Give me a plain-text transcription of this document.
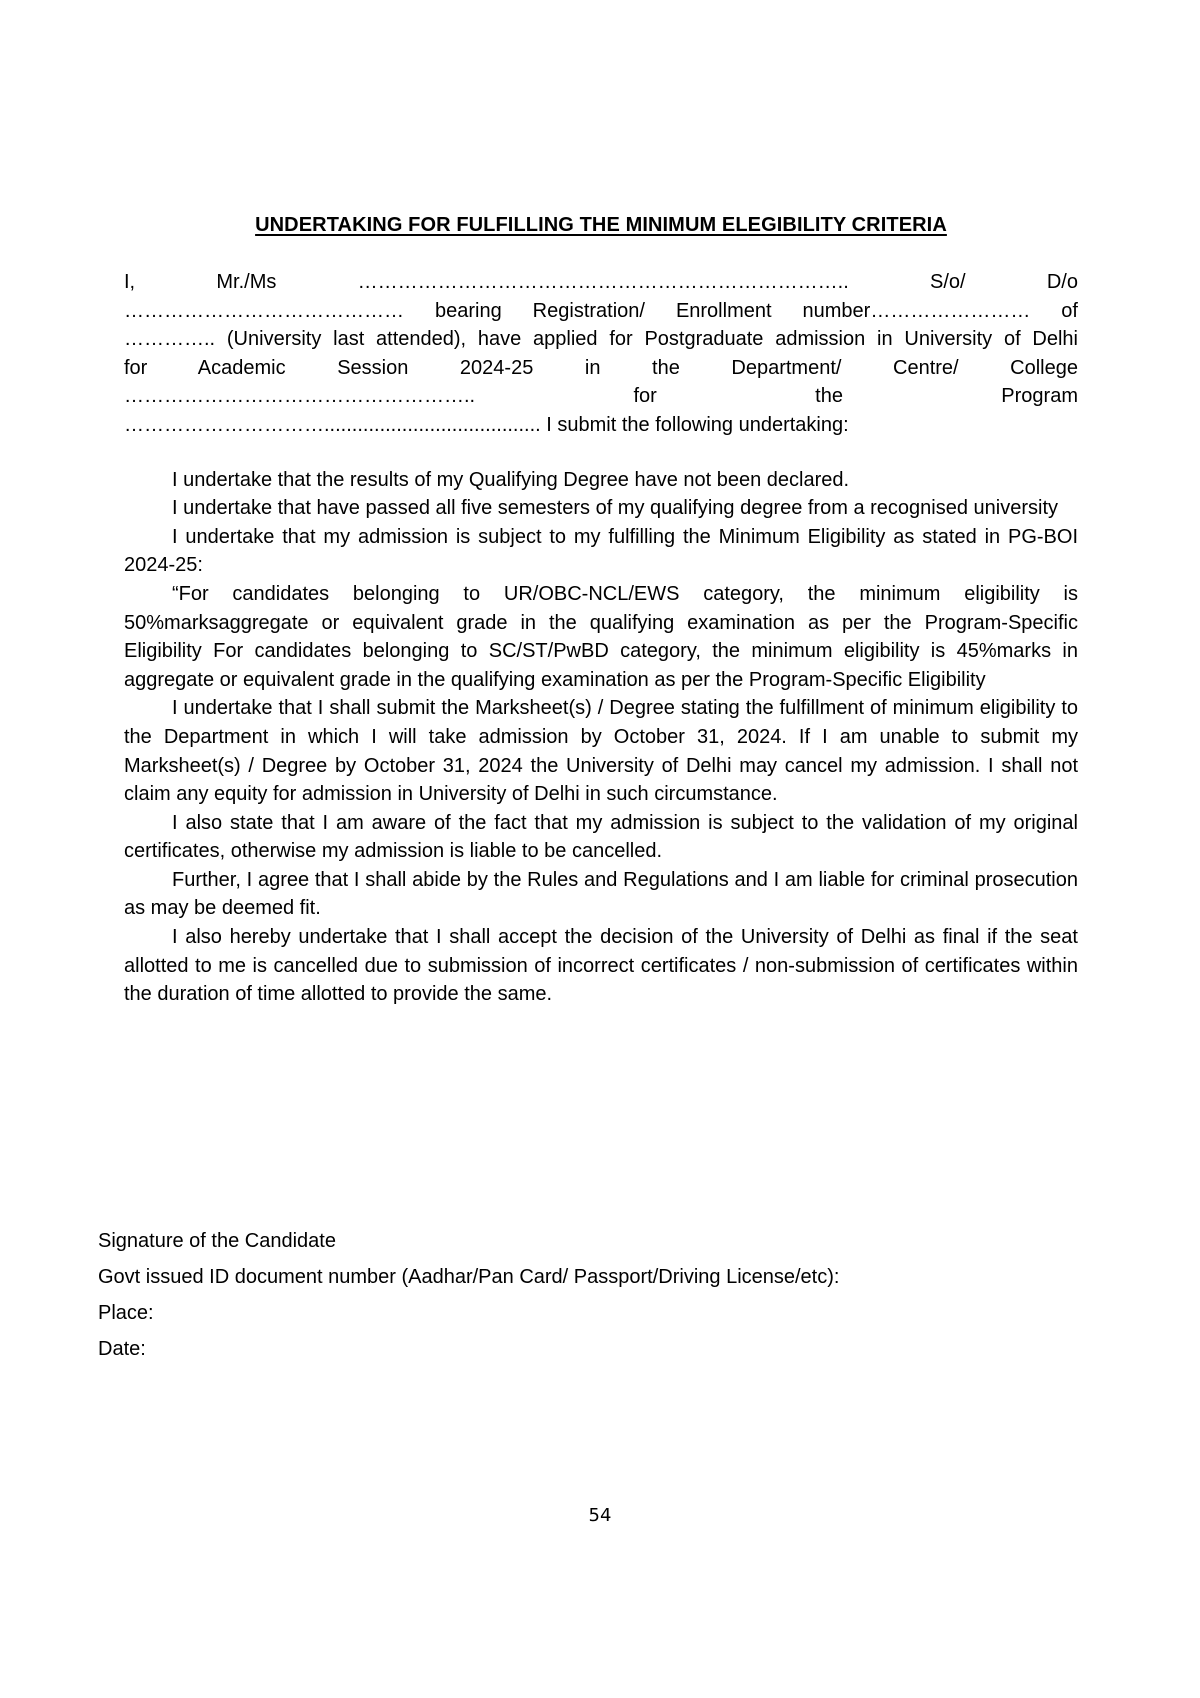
UNDERTAKING FOR FULFILLING THE MINIMUM ELEGIBILITY CRITERIA
I, Mr./Ms ……………………………………………………………….. S/o/ D/o
…………………………………… bearing Registration/ Enrollment number…………………… of
………….. (University last attended), have applied for Postgraduate admission in University of Delhi
for Academic Session 2024-25 in the Department/ Centre/ College
…………………………………………….. for the Program
…………………………....................................... I submit the following undertaking:

I undertake that the results of my Qualifying Degree have not been declared.

I undertake that have passed all five semesters of my qualifying degree from a recognised university

I undertake that my admission is subject to my fulfilling the Minimum Eligibility as stated in PG-BOI 2024-25:

“For candidates belonging to UR/OBC-NCL/EWS category, the minimum eligibility is 50%marksaggregate or equivalent grade in the qualifying examination as per the Program-Specific Eligibility For candidates belonging to SC/ST/PwBD category, the minimum eligibility is 45%marks in aggregate or equivalent grade in the qualifying examination as per the Program-Specific Eligibility

I undertake that I shall submit the Marksheet(s) / Degree stating the fulfillment of minimum eligibility to the Department in which I will take admission by October 31, 2024. If I am unable to submit my Marksheet(s) / Degree by October 31, 2024 the University of Delhi may cancel my admission. I shall not claim any equity for admission in University of Delhi in such circumstance.

I also state that I am aware of the fact that my admission is subject to the validation of my original certificates, otherwise my admission is liable to be cancelled.

Further, I agree that I shall abide by the Rules and Regulations and I am liable for criminal prosecution as may be deemed fit.

I also hereby undertake that I shall accept the decision of the University of Delhi as final if the seat allotted to me is cancelled due to submission of incorrect certificates / non-submission of certificates within the duration of time allotted to provide the same.

Signature of the Candidate
Govt issued ID document number (Aadhar/Pan Card/ Passport/Driving License/etc):
Place:
Date:
54
